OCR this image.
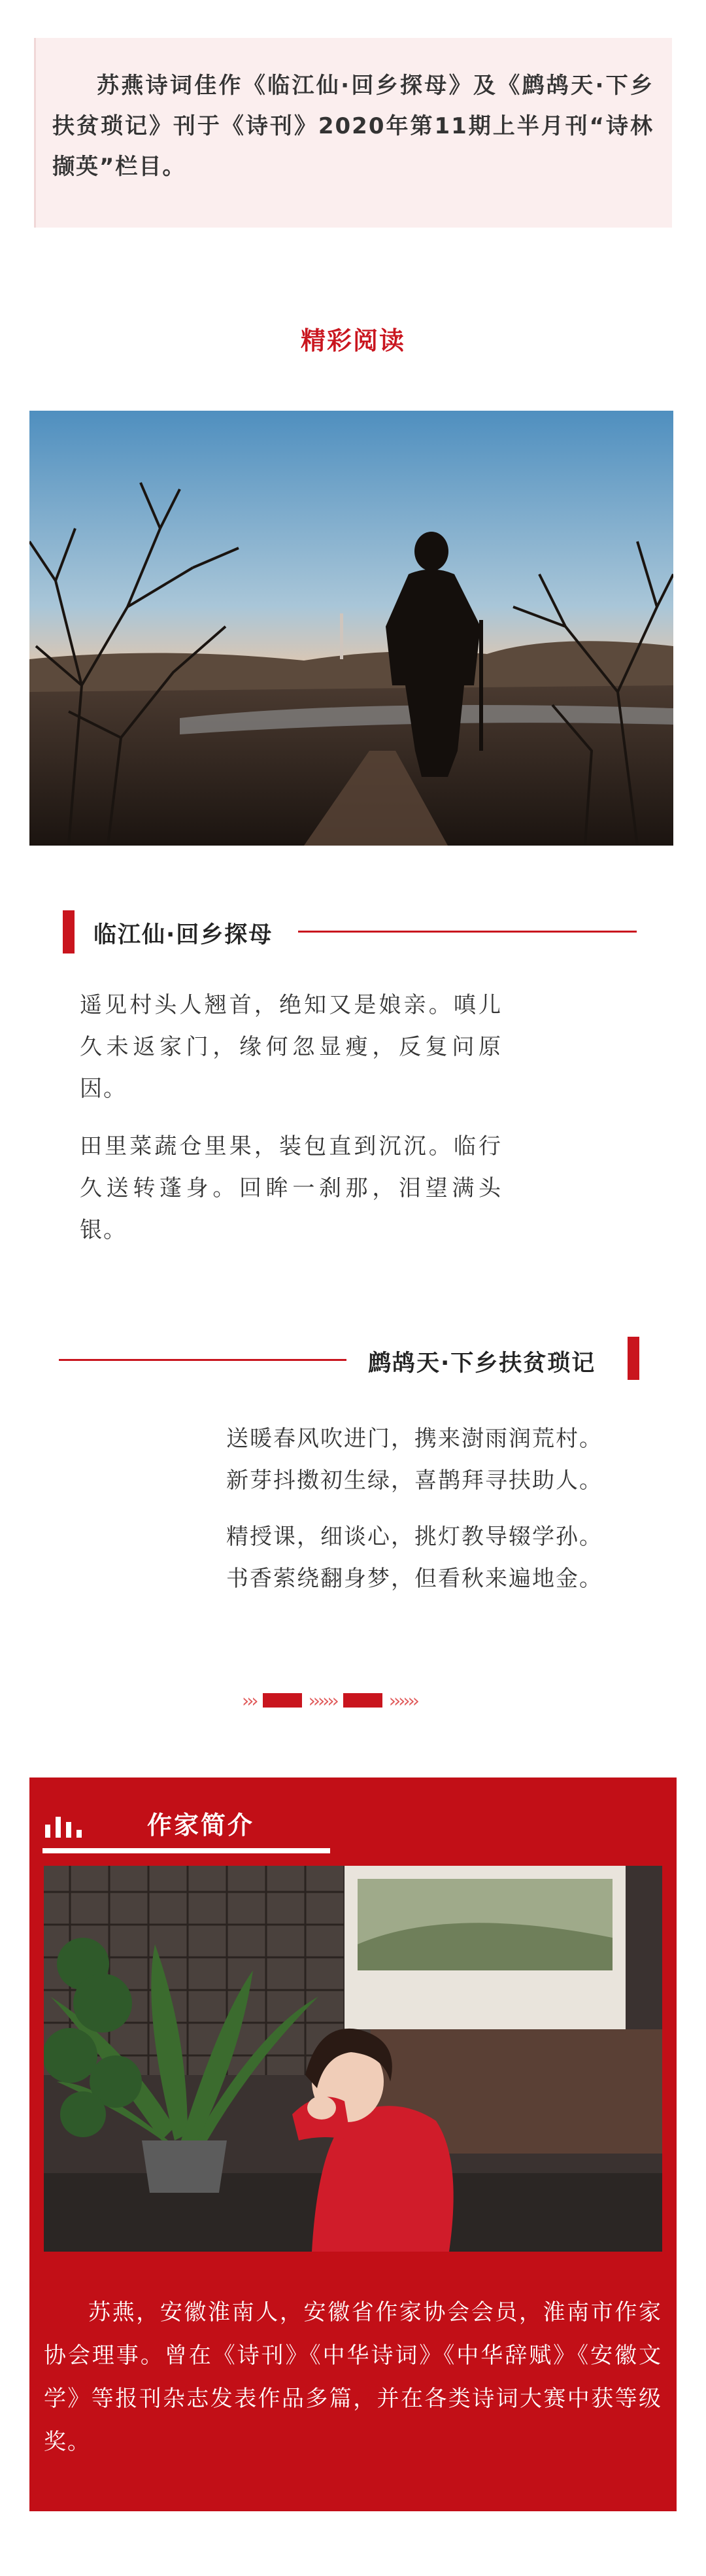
苏燕诗词佳作《临江仙·回乡探母》及《鹧鸪天·下乡扶贫琐记》刊于《诗刊》2020年第11期上半月刊“诗林撷英”栏目。
精彩阅读
临江仙·回乡探母

遥见村头人翘首，绝知又是娘亲。嗔儿久未返家门，缘何忽显瘦，反复问原因。

田里菜蔬仓里果，装包直到沉沉。临行久送转蓬身。回眸一刹那，泪望满头银。

鹧鸪天·下乡扶贫琐记
送暖春风吹进门，携来澍雨润荒村。
新芽抖擞初生绿，喜鹊拜寻扶助人。
精授课，细谈心，挑灯教导辍学孙。
书香萦绕翻身梦，但看秋来遍地金。
›››	››››››	››››››
作家简介
苏燕，安徽淮南人，安徽省作家协会会员，淮南市作家协会理事。曾在《诗刊》《中华诗词》《中华辞赋》《安徽文学》等报刊杂志发表作品多篇，并在各类诗词大赛中获等级奖。
